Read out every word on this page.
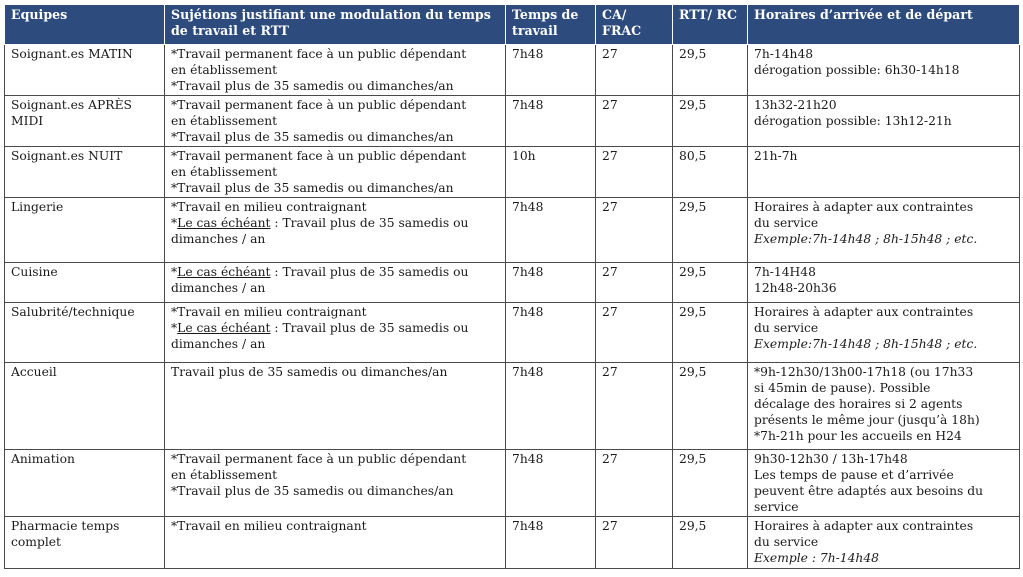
Equipes	Sujétions justifiant une modulation du temps de travail et RTT	Temps de travail	CA/ FRAC	RTT/ RC	Horaires d’arrivée et de départ

Soignant.es MATIN	*Travail permanent face à un public dépendant
en établissement
*Travail plus de 35 samedis ou dimanches/an	7h48	27	29,5	7h-14h48
dérogation possible: 6h30-14h18

Soignant.es APRÈS MIDI	*Travail permanent face à un public dépendant
en établissement
*Travail plus de 35 samedis ou dimanches/an	7h48	27	29,5	13h32-21h20
dérogation possible: 13h12-21h

Soignant.es NUIT	*Travail permanent face à un public dépendant
en établissement
*Travail plus de 35 samedis ou dimanches/an	10h	27	80,5	21h-7h

Lingerie	*Travail en milieu contraignant
*Le cas échéant : Travail plus de 35 samedis ou
dimanches / an	7h48	27	29,5	Horaires à adapter aux contraintes
du service
Exemple:7h-14h48 ; 8h-15h48 ; etc.

Cuisine	*Le cas échéant : Travail plus de 35 samedis ou
dimanches / an	7h48	27	29,5	7h-14H48
12h48-20h36

Salubrité/technique	*Travail en milieu contraignant
*Le cas échéant : Travail plus de 35 samedis ou
dimanches / an	7h48	27	29,5	Horaires à adapter aux contraintes
du service
Exemple:7h-14h48 ; 8h-15h48 ; etc.

Accueil	Travail plus de 35 samedis ou dimanches/an	7h48	27	29,5	*9h-12h30/13h00-17h18 (ou 17h33
si 45min de pause). Possible
décalage des horaires si 2 agents
présents le même jour (jusqu’à 18h)
*7h-21h pour les accueils en H24

Animation	*Travail permanent face à un public dépendant
en établissement
*Travail plus de 35 samedis ou dimanches/an	7h48	27	29,5	9h30-12h30 / 13h-17h48
Les temps de pause et d’arrivée
peuvent être adaptés aux besoins du
service

Pharmacie temps complet	*Travail en milieu contraignant	7h48	27	29,5	Horaires à adapter aux contraintes
du service
Exemple : 7h-14h48
